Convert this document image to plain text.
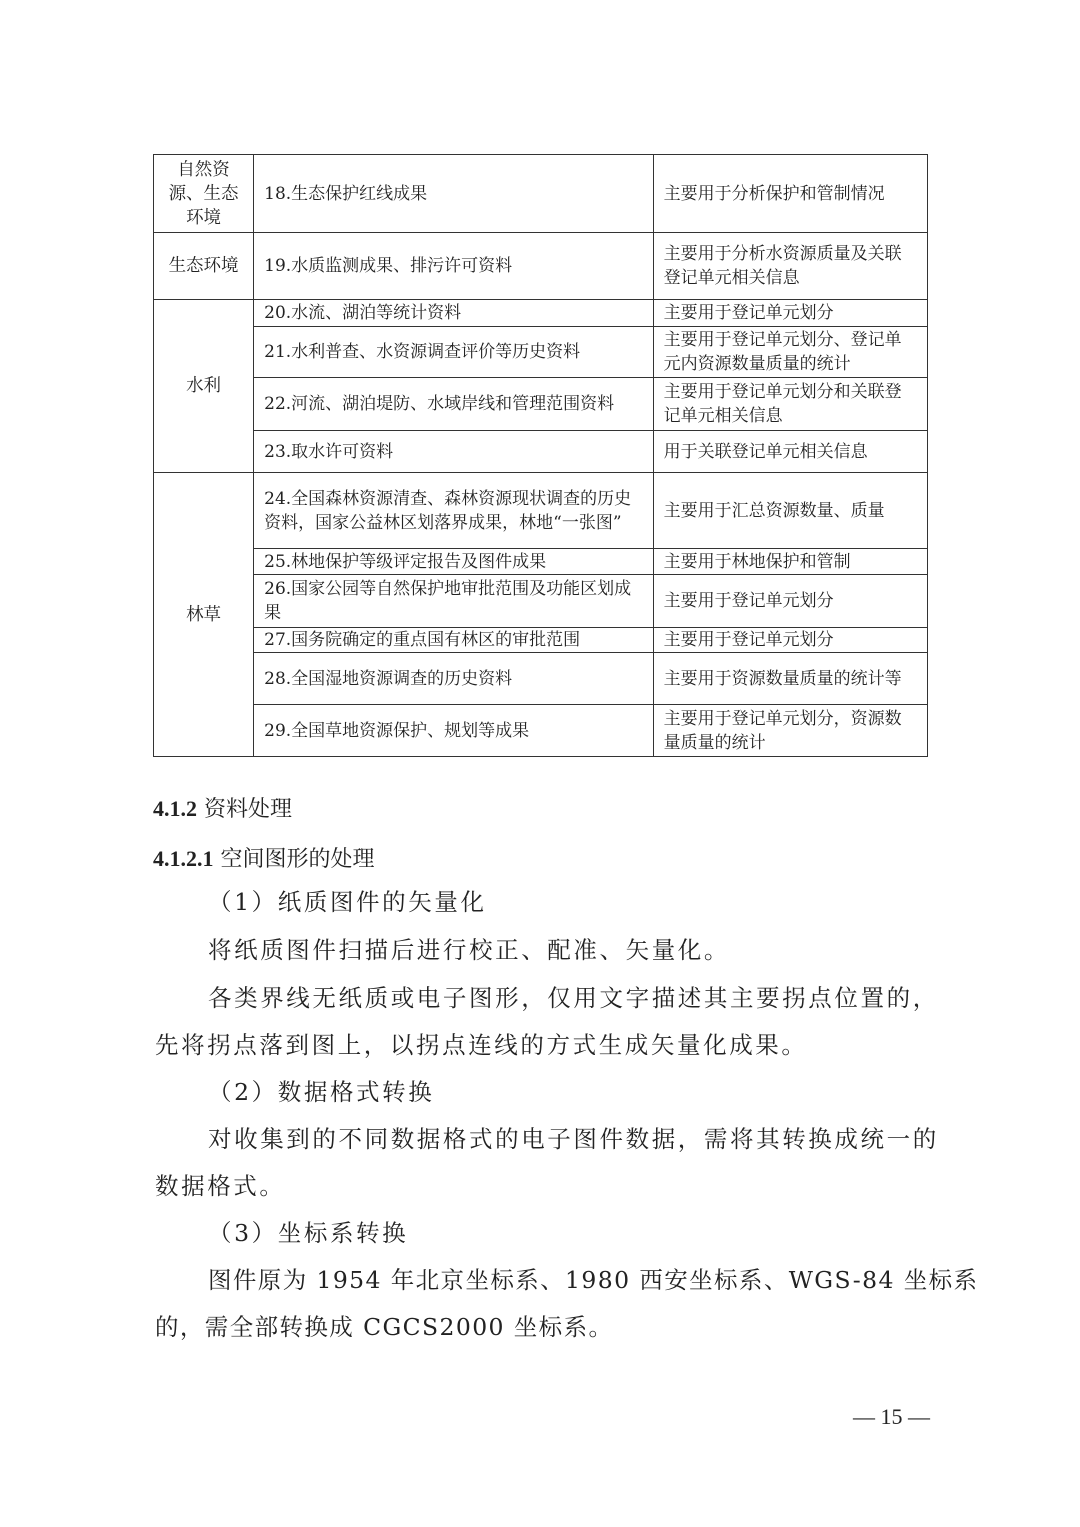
自然资源、生态环境	18.生态保护红线成果	主要用于分析保护和管制情况
生态环境	19.水质监测成果、排污许可资料	主要用于分析水资源质量及关联登记单元相关信息
水利	20.水流、湖泊等统计资料	主要用于登记单元划分
	21.水利普查、水资源调查评价等历史资料	主要用于登记单元划分、登记单元内资源数量质量的统计
	22.河流、湖泊堤防、水域岸线和管理范围资料	主要用于登记单元划分和关联登记单元相关信息
	23.取水许可资料	用于关联登记单元相关信息
林草	24.全国森林资源清查、森林资源现状调查的历史资料，国家公益林区划落界成果，林地“一张图”	主要用于汇总资源数量、质量
	25.林地保护等级评定报告及图件成果	主要用于林地保护和管制
	26.国家公园等自然保护地审批范围及功能区划成果	主要用于登记单元划分
	27.国务院确定的重点国有林区的审批范围	主要用于登记单元划分
	28.全国湿地资源调查的历史资料	主要用于资源数量质量的统计等
	29.全国草地资源保护、规划等成果	主要用于登记单元划分，资源数量质量的统计
4.1.2 资料处理
4.1.2.1 空间图形的处理
（1）纸质图件的矢量化
将纸质图件扫描后进行校正、配准、矢量化。
各类界线无纸质或电子图形，仅用文字描述其主要拐点位置的，
先将拐点落到图上，以拐点连线的方式生成矢量化成果。
（2）数据格式转换
对收集到的不同数据格式的电子图件数据，需将其转换成统一的
数据格式。
（3）坐标系转换
图件原为 1954 年北京坐标系、1980 西安坐标系、WGS-84 坐标系
的，需全部转换成 CGCS2000 坐标系。
— 15 —
